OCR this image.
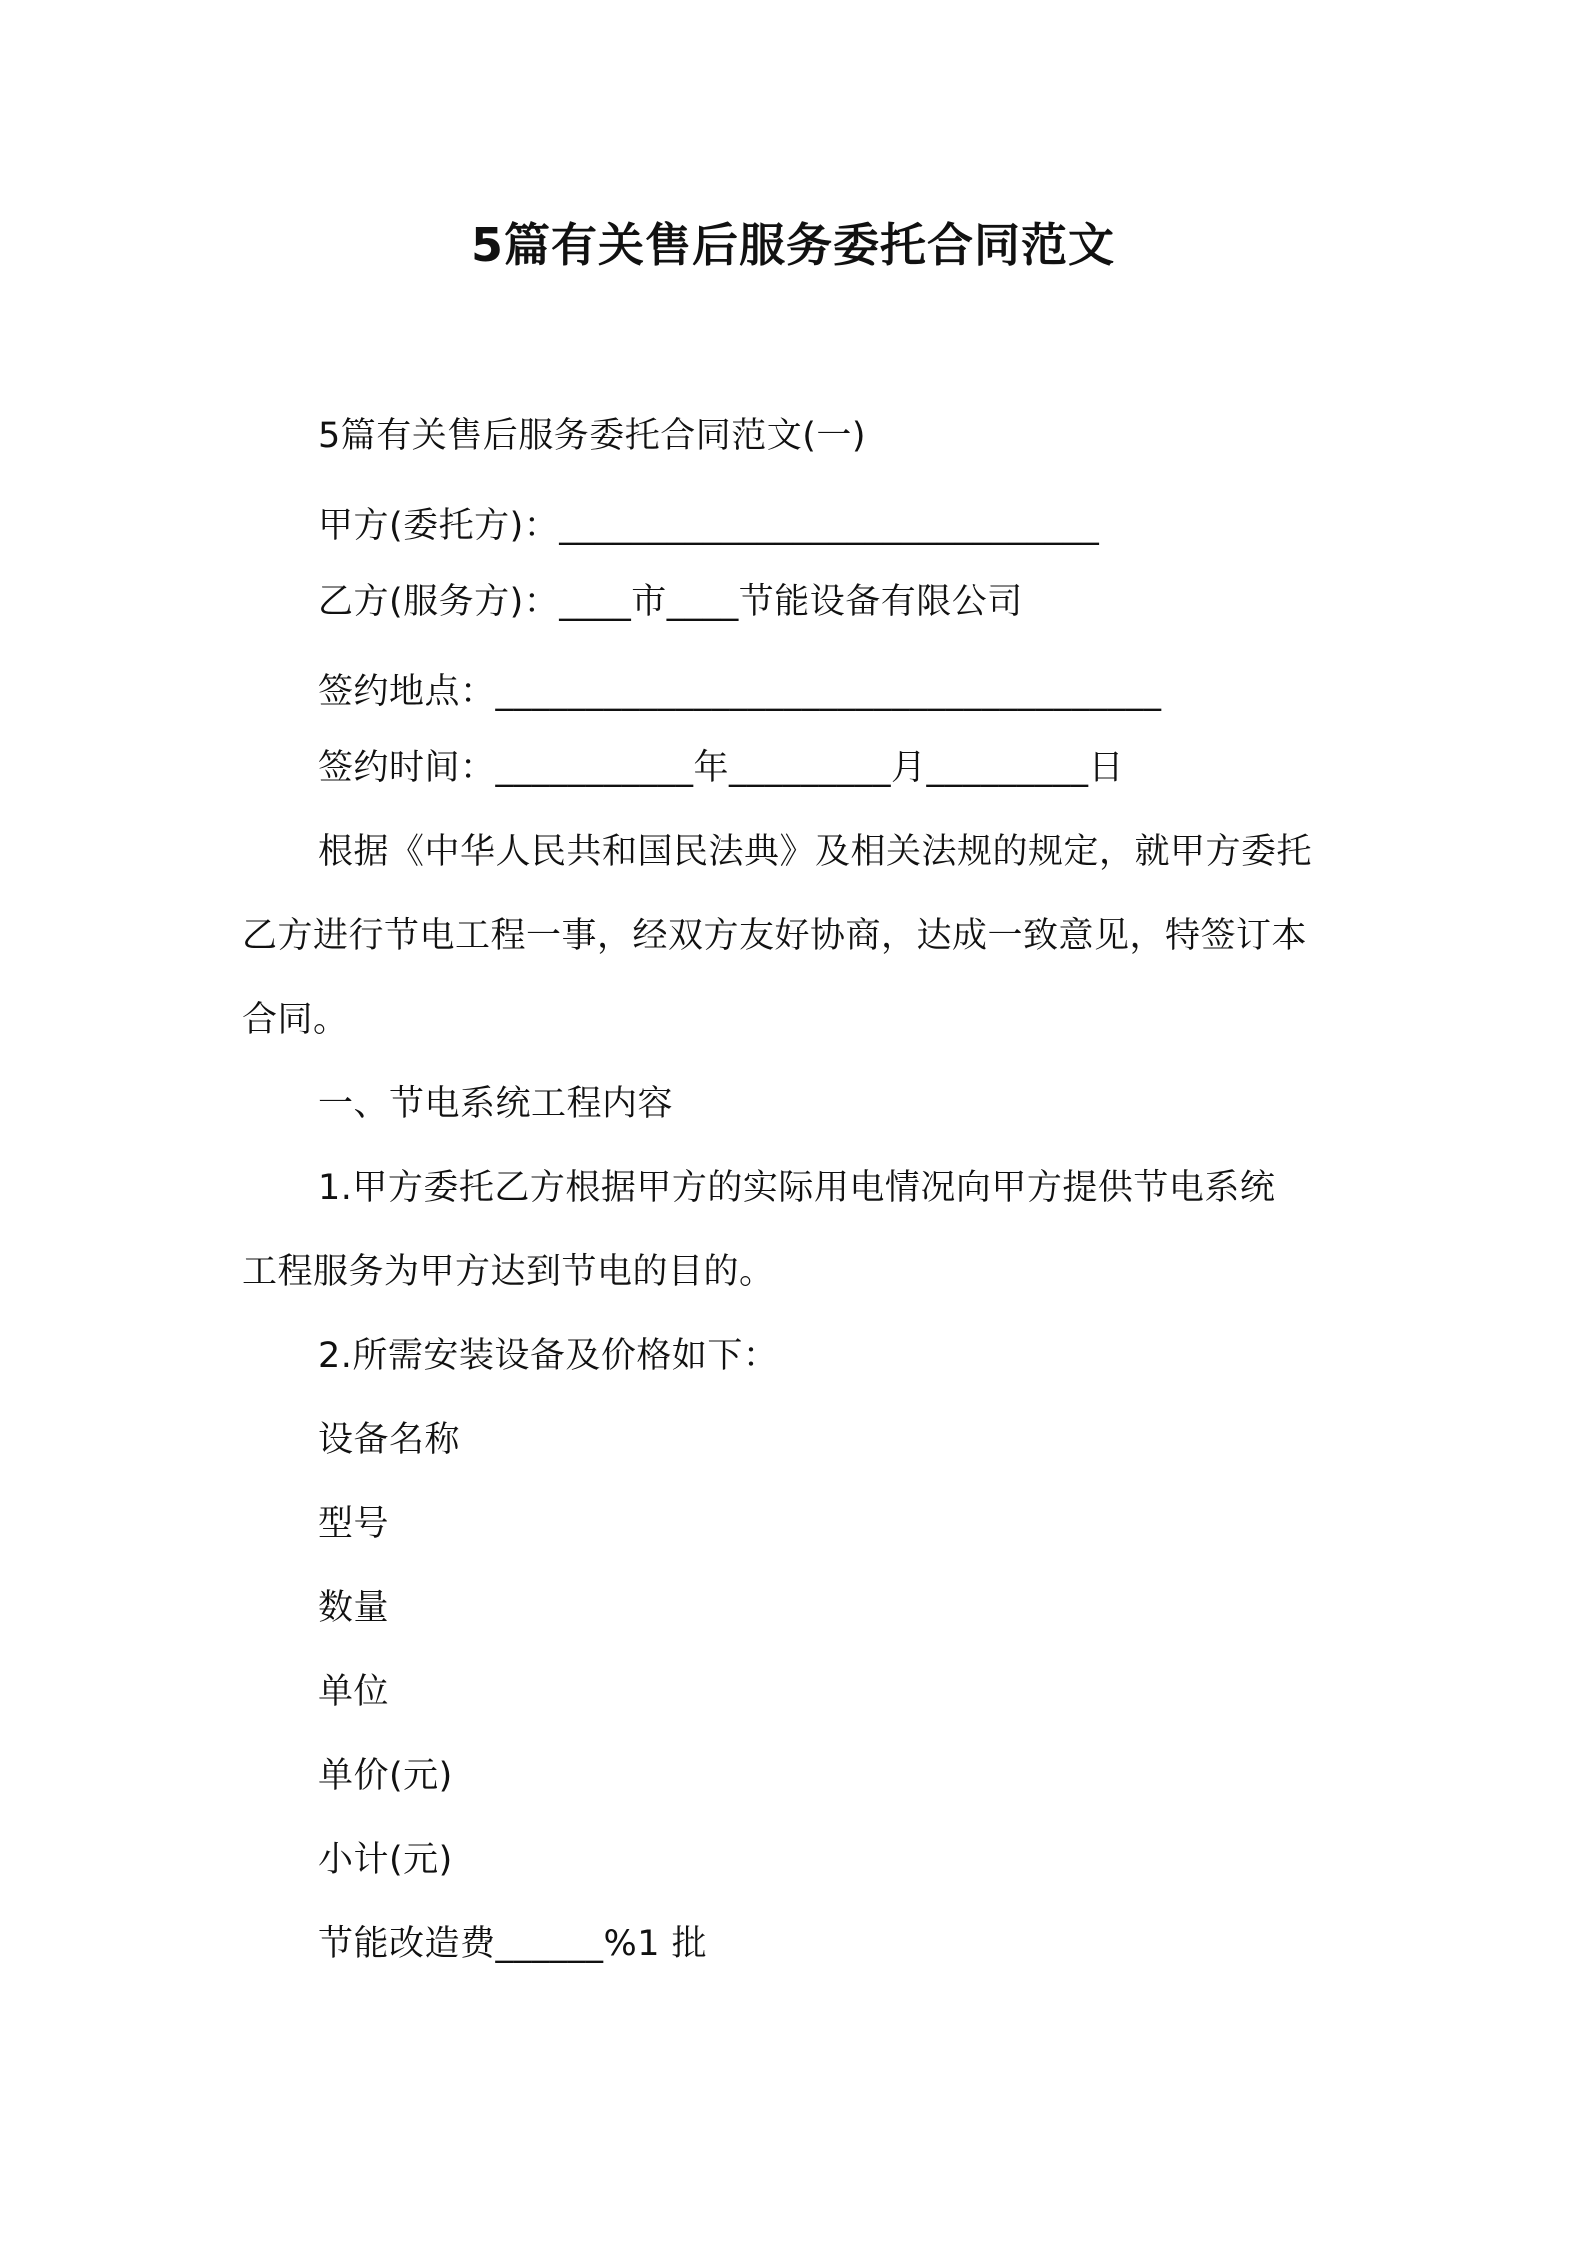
5篇有关售后服务委托合同范文
5篇有关售后服务委托合同范文(一)
甲方(委托方)：______________________________
乙方(服务方)：____市____节能设备有限公司
签约地点：_____________________________________
签约时间：___________年_________月_________日
根据《中华人民共和国民法典》及相关法规的规定，就甲方委托
乙方进行节电工程一事，经双方友好协商，达成一致意见，特签订本
合同。
一、节电系统工程内容
1.甲方委托乙方根据甲方的实际用电情况向甲方提供节电系统
工程服务为甲方达到节电的目的。
2.所需安装设备及价格如下：
设备名称
型号
数量
单位
单价(元)
小计(元)
节能改造费______%1 批
